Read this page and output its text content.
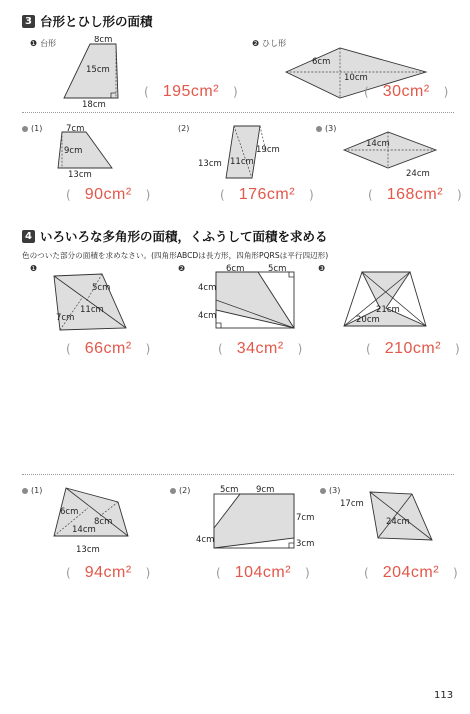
3 台形とひし形の面積
❶ 台形	❷ ひし形
8cm
15cm
18cm
( 195cm² )
6cm
10cm
( 30cm² )
(1)	(2)	(3)
7cm
9cm
13cm
( 90cm² )
19cm
13cm 11cm
( 176cm² )
14cm
24cm
( 168cm² )
4 いろいろな多角形の面積，くふうして面積を求める
色のついた部分の面積を求めなさい。(四角形ABCDは長方形，四角形PQRSは平行四辺形)
❶	❷	❸
5cm
11cm
7cm
( 66cm² )
6cm	5cm
4cm
4cm
( 34cm² )
21cm
20cm
( 210cm² )
(1)	(2)	(3)
6cm
8cm
14cm
13cm
( 94cm² )
5cm 9cm
7cm
4cm	3cm
( 104cm² )
17cm
24cm
( 204cm² )
113
